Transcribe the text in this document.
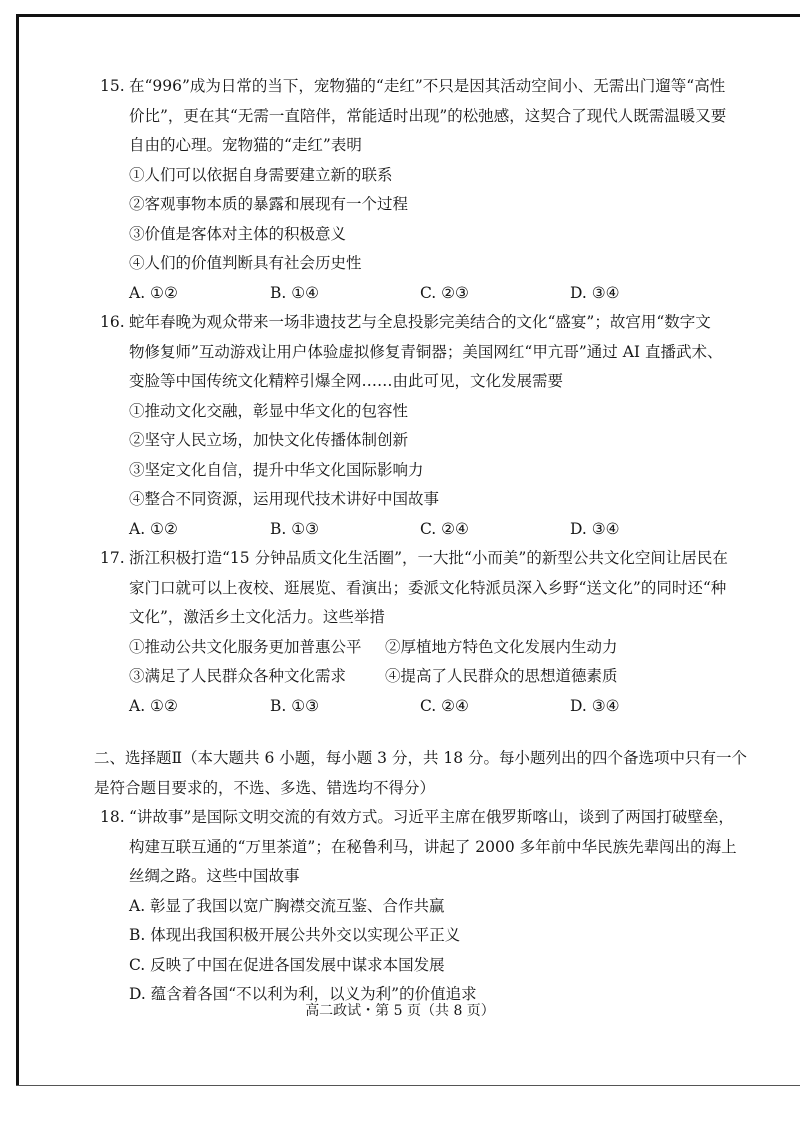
15. 在“996”成为日常的当下，宠物猫的“走红”不只是因其活动空间小、无需出门遛等“高性
价比”，更在其“无需一直陪伴，常能适时出现”的松弛感，这契合了现代人既需温暖又要
自由的心理。宠物猫的“走红”表明
①人们可以依据自身需要建立新的联系
②客观事物本质的暴露和展现有一个过程
③价值是客体对主体的积极意义
④人们的价值判断具有社会历史性
A. ①②	B. ①④	C. ②③	D. ③④
16. 蛇年春晚为观众带来一场非遗技艺与全息投影完美结合的文化“盛宴”；故宫用“数字文
物修复师”互动游戏让用户体验虚拟修复青铜器；美国网红“甲亢哥”通过 AI 直播武术、
变脸等中国传统文化精粹引爆全网……由此可见，文化发展需要
①推动文化交融，彰显中华文化的包容性
②坚守人民立场，加快文化传播体制创新
③坚定文化自信，提升中华文化国际影响力
④整合不同资源，运用现代技术讲好中国故事
A. ①②	B. ①③	C. ②④	D. ③④
17. 浙江积极打造“15 分钟品质文化生活圈”，一大批“小而美”的新型公共文化空间让居民在
家门口就可以上夜校、逛展览、看演出；委派文化特派员深入乡野“送文化”的同时还“种
文化”，激活乡土文化活力。这些举措
①推动公共文化服务更加普惠公平 ②厚植地方特色文化发展内生动力
③满足了人民群众各种文化需求	④提高了人民群众的思想道德素质
A. ①②	B. ①③	C. ②④	D. ③④
二、选择题Ⅱ（本大题共 6 小题，每小题 3 分，共 18 分。每小题列出的四个备选项中只有一个
是符合题目要求的，不选、多选、错选均不得分）
18. “讲故事”是国际文明交流的有效方式。习近平主席在俄罗斯喀山，谈到了两国打破壁垒，
构建互联互通的“万里茶道”；在秘鲁利马，讲起了 2000 多年前中华民族先辈闯出的海上
丝绸之路。这些中国故事
A. 彰显了我国以宽广胸襟交流互鉴、合作共赢
B. 体现出我国积极开展公共外交以实现公平正义
C. 反映了中国在促进各国发展中谋求本国发展
D. 蕴含着各国“不以利为利，以义为利”的价值追求
高二政试・第 5 页（共 8 页）
